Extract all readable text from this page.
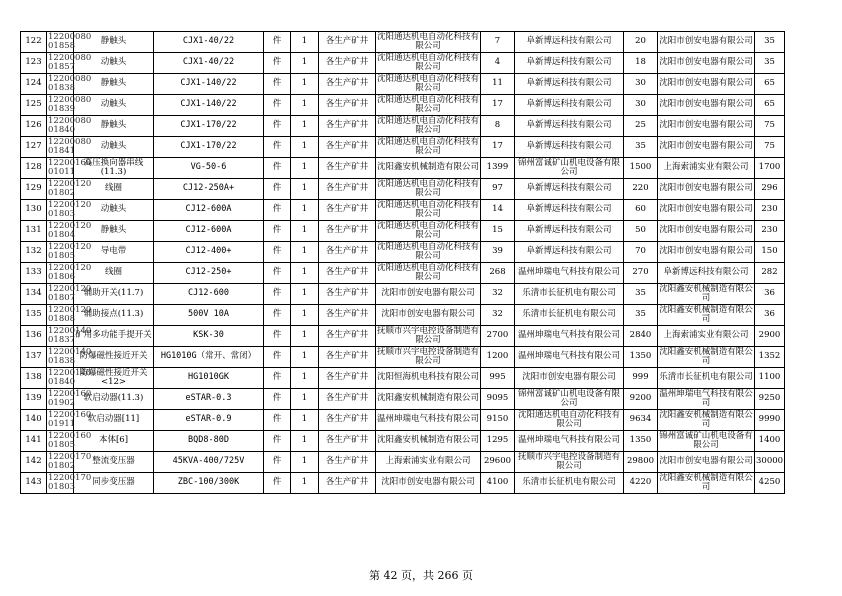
122	12200080 01858	静触头	CJX1-40/22	件	1	各生产矿井	沈阳通达机电自动化科技有限公司	7	阜新博远科技有限公司	20	沈阳市创安电器有限公司	35
123	12200080 01857	动触头	CJX1-40/22	件	1	各生产矿井	沈阳通达机电自动化科技有限公司	4	阜新博远科技有限公司	18	沈阳市创安电器有限公司	35
124	12200080 01838	静触头	CJX1-140/22	件	1	各生产矿井	沈阳通达机电自动化科技有限公司	11	阜新博远科技有限公司	30	沈阳市创安电器有限公司	65
125	12200080 01839	动触头	CJX1-140/22	件	1	各生产矿井	沈阳通达机电自动化科技有限公司	17	阜新博远科技有限公司	30	沈阳市创安电器有限公司	65
126	12200080 01840	静触头	CJX1-170/22	件	1	各生产矿井	沈阳通达机电自动化科技有限公司	8	阜新博远科技有限公司	25	沈阳市创安电器有限公司	75
127	12200080 01841	动触头	CJX1-170/22	件	1	各生产矿井	沈阳通达机电自动化科技有限公司	17	阜新博远科技有限公司	35	沈阳市创安电器有限公司	75
128	12200160 01011	高压换向器串线(11.3)	VG-50-6	件	1	各生产矿井	沈阳鑫安机械制造有限公司	1399	锦州富诚矿山机电设备有限公司	1500	上海索浦实业有限公司	1700
129	12200120 01802	线圈	CJ12-250A+	件	1	各生产矿井	沈阳通达机电自动化科技有限公司	97	阜新博远科技有限公司	220	沈阳市创安电器有限公司	296
130	12200120 01803	动触头	CJ12-600A	件	1	各生产矿井	沈阳通达机电自动化科技有限公司	14	阜新博远科技有限公司	60	沈阳市创安电器有限公司	230
131	12200120 01804	静触头	CJ12-600A	件	1	各生产矿井	沈阳通达机电自动化科技有限公司	15	阜新博远科技有限公司	50	沈阳市创安电器有限公司	230
132	12200120 01805	导电带	CJ12-400+	件	1	各生产矿井	沈阳通达机电自动化科技有限公司	39	阜新博远科技有限公司	70	沈阳市创安电器有限公司	150
133	12200120 01806	线圈	CJ12-250+	件	1	各生产矿井	沈阳通达机电自动化科技有限公司	268	温州坤瑞电气科技有限公司	270	阜新博远科技有限公司	282
134	12200120 01807	辅助开关(11.7)	CJ12-600	件	1	各生产矿井	沈阳市创安电器有限公司	32	乐清市长征机电有限公司	35	沈阳鑫安机械制造有限公司	36
135	12200120 01808	辅助接点(11.3)	500V 10A	件	1	各生产矿井	沈阳市创安电器有限公司	32	乐清市长征机电有限公司	35	沈阳鑫安机械制造有限公司	36
136	12200140 01837	矿用多功能手提开关	KSK-30	件	1	各生产矿井	抚顺市兴宇电控设备制造有限公司	2700	温州坤瑞电气科技有限公司	2840	上海索浦实业有限公司	2900
137	12200140 01838	防爆磁性接近开关	HG1010G（常开、常闭）	件	1	各生产矿井	抚顺市兴宇电控设备制造有限公司	1200	温州坤瑞电气科技有限公司	1350	沈阳鑫安机械制造有限公司	1352
138	12200140 01840	防爆磁性接近开关<12>	HG1010GK	件	1	各生产矿井	沈阳恒海机电科技有限公司	995	沈阳市创安电器有限公司	999	乐清市长征机电有限公司	1100
139	12200160 01902	软启动器(11.3)	eSTAR-0.3	件	1	各生产矿井	沈阳鑫安机械制造有限公司	9095	锦州富诚矿山机电设备有限公司	9200	温州坤瑞电气科技有限公司	9250
140	12200160 01911	软启动器[11]	eSTAR-0.9	件	1	各生产矿井	温州坤瑞电气科技有限公司	9150	沈阳通达机电自动化科技有限公司	9634	沈阳鑫安机械制造有限公司	9990
141	12200160 01805	本体[6]	BQD8-80D	件	1	各生产矿井	沈阳鑫安机械制造有限公司	1295	温州坤瑞电气科技有限公司	1350	锦州富诚矿山机电设备有限公司	1400
142	12200170 01802	整流变压器	45KVA-400/725V	件	1	各生产矿井	上海索浦实业有限公司	29600	抚顺市兴宇电控设备制造有限公司	29800	沈阳市创安电器有限公司	30000
143	12200170 01803	同步变压器	ZBC-100/300K	件	1	各生产矿井	沈阳市创安电器有限公司	4100	乐清市长征机电有限公司	4220	沈阳鑫安机械制造有限公司	4250
第 42 页，共 266 页
